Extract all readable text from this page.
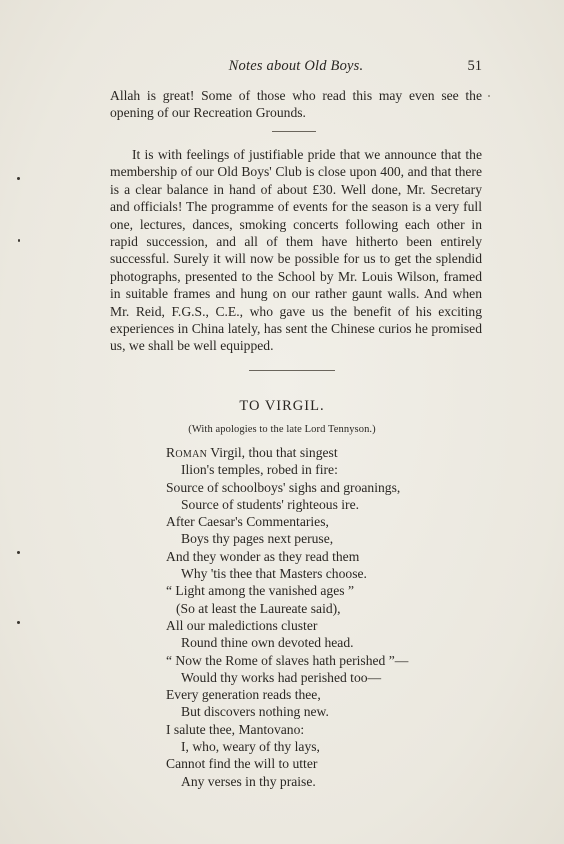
Notes about Old Boys.	51

Allah is great! Some of those who read this may even see the opening of our Recreation Grounds.

It is with feelings of justifiable pride that we announce that the membership of our Old Boys' Club is close upon 400, and that there is a clear balance in hand of about £30. Well done, Mr. Secretary and officials! The programme of events for the season is a very full one, lectures, dances, smoking concerts following each other in rapid succession, and all of them have hitherto been entirely successful. Surely it will now be possible for us to get the splendid photographs, presented to the School by Mr. Louis Wilson, framed in suitable frames and hung on our rather gaunt walls. And when Mr. Reid, F.G.S., C.E., who gave us the benefit of his exciting experiences in China lately, has sent the Chinese curios he promised us, we shall be well equipped.

TO VIRGIL.
(With apologies to the late Lord Tennyson.)
Roman Virgil, thou that singest
Ilion's temples, robed in fire:
Source of schoolboys' sighs and groanings,
Source of students' righteous ire.
After Caesar's Commentaries,
Boys thy pages next peruse,
And they wonder as they read them
Why 'tis thee that Masters choose.
“ Light among the vanished ages ”
(So at least the Laureate said),
All our maledictions cluster
Round thine own devoted head.
“ Now the Rome of slaves hath perished ”—
Would thy works had perished too—
Every generation reads thee,
But discovers nothing new.
I salute thee, Mantovano:
I, who, weary of thy lays,
Cannot find the will to utter
Any verses in thy praise.
